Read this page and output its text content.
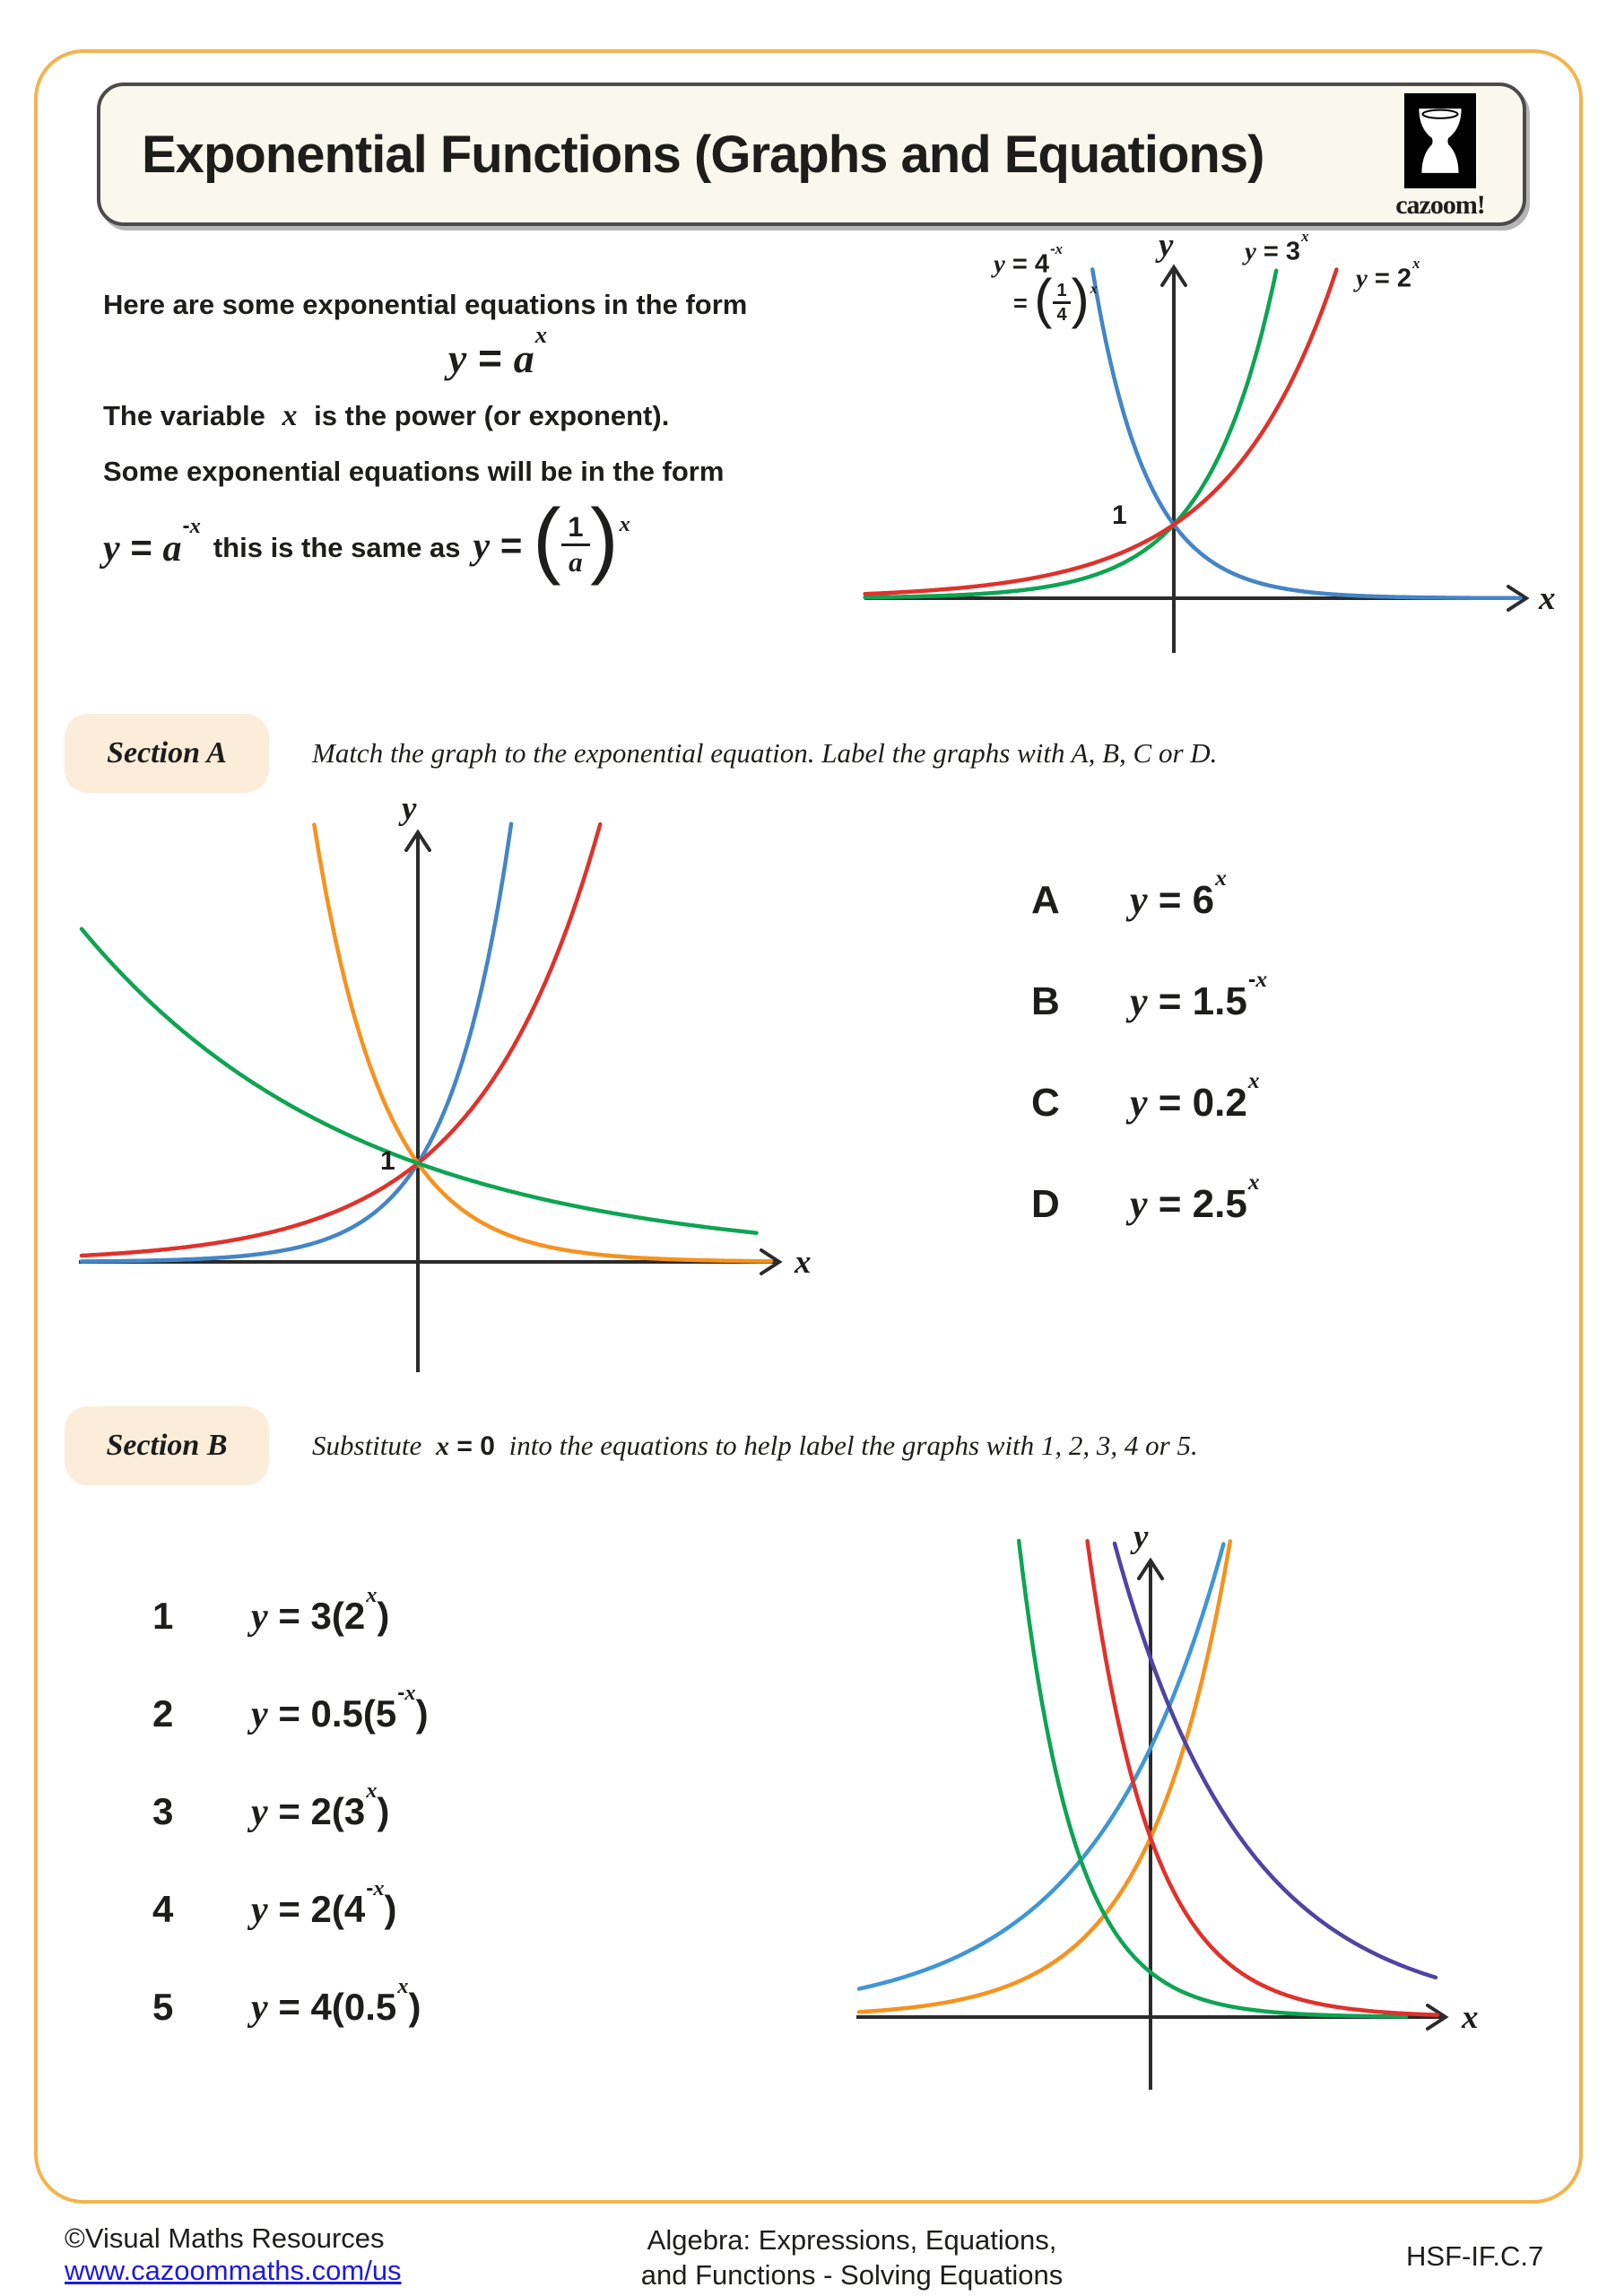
Exponential Functions (Graphs and Equations)
cazoom!
Here are some exponential equations in the form
$y = a^x$
The variable x is the power (or exponent).
Some exponential equations will be in the form
$y = a^{-x}$
this is the same as y = ( $\frac{1}{a} )^x$
$y = 4^{-x}$
= ( $\frac{1}{4} )^x$
y	$y = 3^x$
$y = 2^x$
1
x
Section A	Match the graph to the exponential equation. Label the graphs with A, B, C or D.
y
1
x
A	$y = 6^x$
B	$y = 1.5^{-x}$
C	$y = 0.2^x$
D	$y = 2.5^x$
Section B	Substitute x = 0 into the equations to help label the graphs with 1, 2, 3, 4 or 5.
1	$y = 3(2^x)$
2	$y = 0.5(5^{-x})$
3	$y = 2(3^x)$
4	$y = 2(4^{-x})$
5	$y = 4(0.5^x)$
y
x
©Visual Maths Resources
www.cazoommaths.com/us
Algebra: Expressions, Equations,
and Functions - Solving Equations
HSF-IF.C.7
